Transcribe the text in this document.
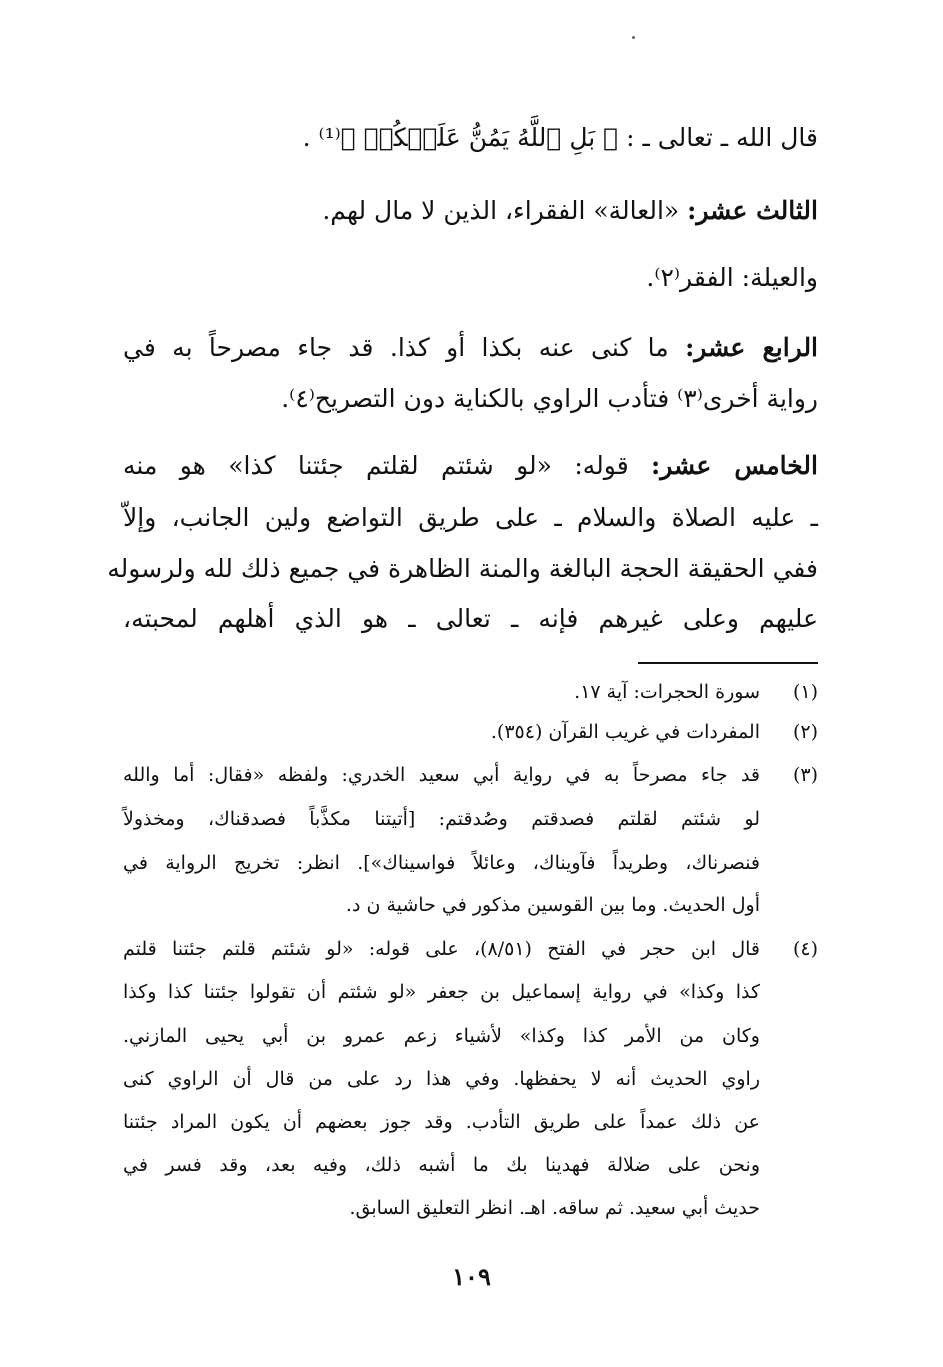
قال الله ـ تعالى ـ : ﴿ بَلِ ٱللَّهُ يَمُنُّ عَلَيۡكُمۡ ﴾⁽¹⁾ .
الثالث عشر: «العالة» الفقراء، الذين لا مال لهم.
والعيلة: الفقر⁽٢⁾.
الرابع عشر: ما كنى عنه بكذا أو كذا. قد جاء مصرحاً به في
رواية أخرى⁽٣⁾ فتأدب الراوي بالكناية دون التصريح⁽٤⁾.
الخامس عشر: قوله: «لو شئتم لقلتم جئتنا كذا» هو منه
ـ عليه الصلاة والسلام ـ على طريق التواضع ولين الجانب، وإلاّ
ففي الحقيقة الحجة البالغة والمنة الظاهرة في جميع ذلك لله ولرسوله
عليهم وعلى غيرهم فإنه ـ تعالى ـ هو الذي أهلهم لمحبته،
(١)
سورة الحجرات: آية ١٧.
(٢)
المفردات في غريب القرآن (٣٥٤).
(٣)
قد جاء مصرحاً به في رواية أبي سعيد الخدري: ولفظه «فقال: أما والله
لو شئتم لقلتم فصدقتم وصُدقتم: [أتيتنا مكذَّباً فصدقناك، ومخذولاً
فنصرناك، وطريداً فآويناك، وعائلاً فواسيناك»]. انظر: تخريج الرواية في
أول الحديث. وما بين القوسين مذكور في حاشية ن د.
(٤)
قال ابن حجر في الفتح (٨/٥١)، على قوله: «لو شئتم قلتم جئتنا قلتم
كذا وكذا» في رواية إسماعيل بن جعفر «لو شئتم أن تقولوا جئتنا كذا وكذا
وكان من الأمر كذا وكذا» لأشياء زعم عمرو بن أبي يحيى المازني.
راوي الحديث أنه لا يحفظها. وفي هذا رد على من قال أن الراوي كنى
عن ذلك عمداً على طريق التأدب. وقد جوز بعضهم أن يكون المراد جئتنا
ونحن على ضلالة فهدينا بك ما أشبه ذلك، وفيه بعد، وقد فسر في
حديث أبي سعيد. ثم ساقه. اهـ. انظر التعليق السابق.
١٠٩
